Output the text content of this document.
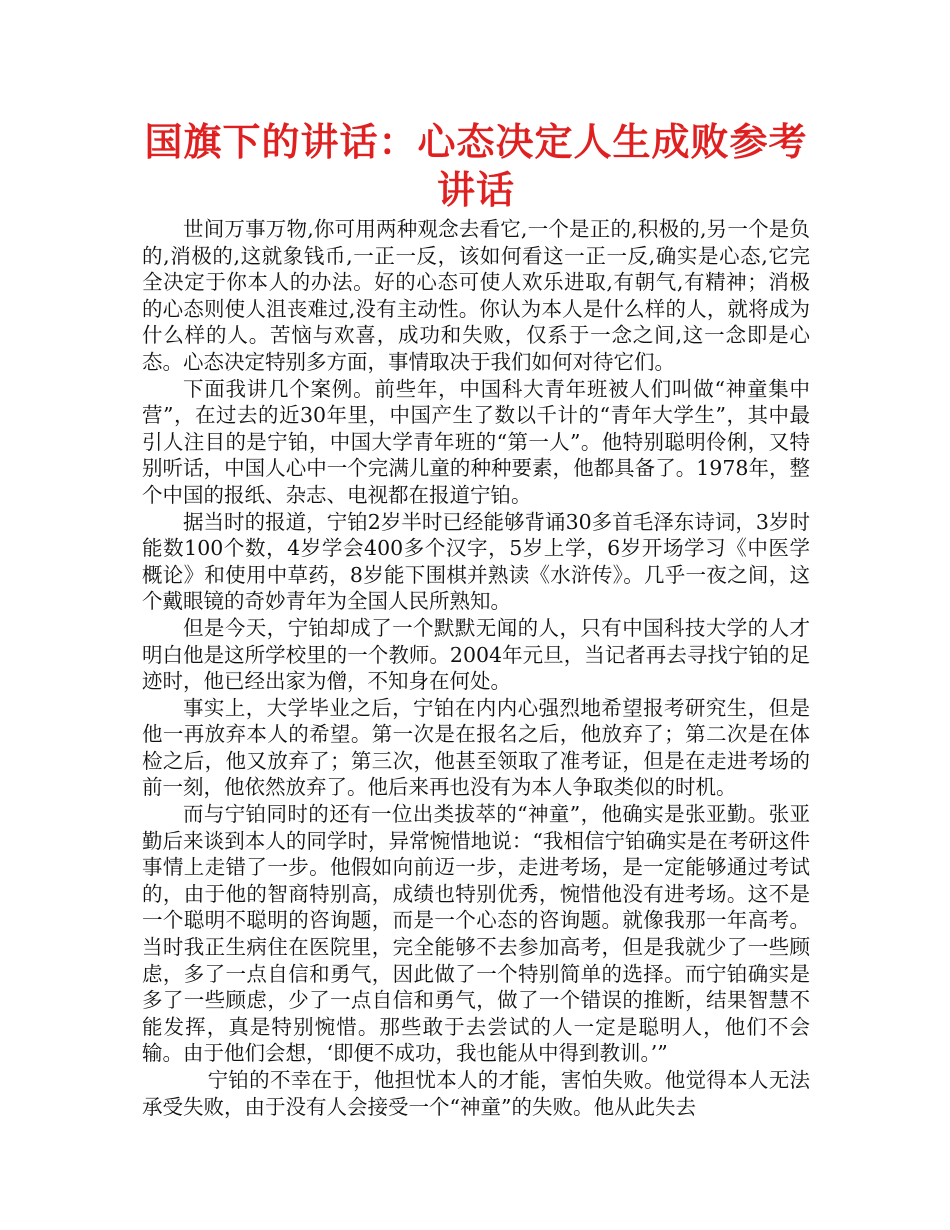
国旗下的讲话：心态决定人生成败参考讲话

世间万事万物,你可用两种观念去看它,一个是正的,积极的,另一个是负的,消极的,这就象钱币,一正一反，该如何看这一正一反,确实是心态,它完全决定于你本人的办法。好的心态可使人欢乐进取,有朝气,有精神；消极的心态则使人沮丧难过,没有主动性。你认为本人是什么样的人，就将成为什么样的人。苦恼与欢喜，成功和失败，仅系于一念之间,这一念即是心态。心态决定特别多方面，事情取决于我们如何对待它们。

下面我讲几个案例。前些年，中国科大青年班被人们叫做“神童集中营”，在过去的近30年里，中国产生了数以千计的“青年大学生”，其中最引人注目的是宁铂，中国大学青年班的“第一人”。他特别聪明伶俐，又特别听话，中国人心中一个完满儿童的种种要素，他都具备了。1978年，整个中国的报纸、杂志、电视都在报道宁铂。

据当时的报道，宁铂2岁半时已经能够背诵30多首毛泽东诗词，3岁时能数100个数，4岁学会400多个汉字，5岁上学，6岁开场学习《中医学概论》和使用中草药，8岁能下围棋并熟读《水浒传》。几乎一夜之间，这个戴眼镜的奇妙青年为全国人民所熟知。

但是今天，宁铂却成了一个默默无闻的人，只有中国科技大学的人才明白他是这所学校里的一个教师。2004年元旦，当记者再去寻找宁铂的足迹时，他已经出家为僧，不知身在何处。

事实上，大学毕业之后，宁铂在内内心强烈地希望报考研究生，但是他一再放弃本人的希望。第一次是在报名之后，他放弃了；第二次是在体检之后，他又放弃了；第三次，他甚至领取了准考证，但是在走进考场的前一刻，他依然放弃了。他后来再也没有为本人争取类似的时机。

而与宁铂同时的还有一位出类拔萃的“神童”，他确实是张亚勤。张亚勤后来谈到本人的同学时，异常惋惜地说：“我相信宁铂确实是在考研这件事情上走错了一步。他假如向前迈一步，走进考场，是一定能够通过考试的，由于他的智商特别高，成绩也特别优秀，惋惜他没有进考场。这不是一个聪明不聪明的咨询题，而是一个心态的咨询题。就像我那一年高考。当时我正生病住在医院里，完全能够不去参加高考，但是我就少了一些顾虑，多了一点自信和勇气，因此做了一个特别简单的选择。而宁铂确实是多了一些顾虑，少了一点自信和勇气，做了一个错误的推断，结果智慧不能发挥，真是特别惋惜。那些敢于去尝试的人一定是聪明人，他们不会输。由于他们会想，‘即便不成功，我也能从中得到教训。’”

宁铂的不幸在于，他担忧本人的才能，害怕失败。他觉得本人无法承受失败，由于没有人会接受一个“神童”的失败。他从此失去
